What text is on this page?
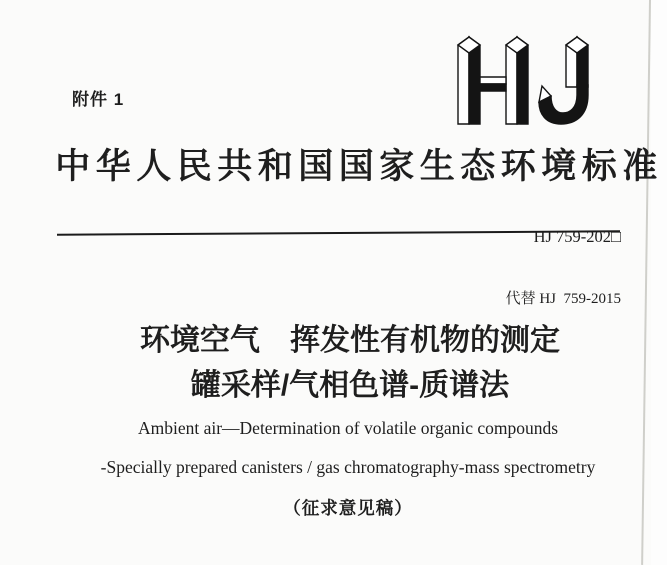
附件 1
中华人民共和国国家生态环境标准

HJ 759-202□

代替 HJ  759-2015

环境空气　挥发性有机物的测定
罐采样/气相色谱-质谱法
Ambient air—Determination of volatile organic compounds
-Specially prepared canisters / gas chromatography-mass spectrometry
（征求意见稿）
